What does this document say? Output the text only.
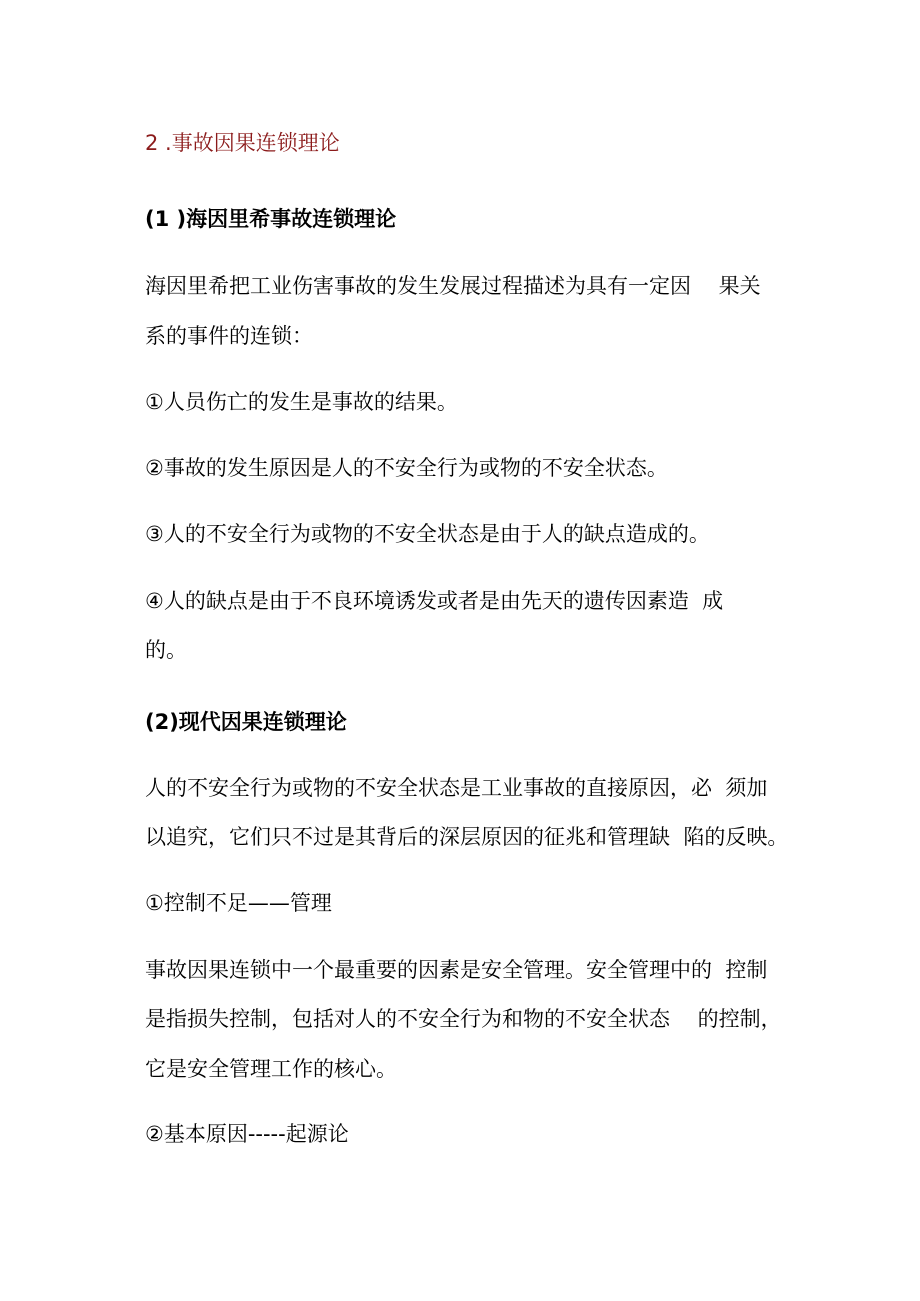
2 .事故因果连锁理论

(1 )海因里希事故连锁理论

海因里希把工业伤害事故的发生发展过程描述为具有一定因　 果关

系的事件的连锁：

①人员伤亡的发生是事故的结果。

②事故的发生原因是人的不安全行为或物的不安全状态。

③人的不安全行为或物的不安全状态是由于人的缺点造成的。

④人的缺点是由于不良环境诱发或者是由先天的遗传因素造  成

的。

(2)现代因果连锁理论

人的不安全行为或物的不安全状态是工业事故的直接原因，必  须加

以追究，它们只不过是其背后的深层原因的征兆和管理缺  陷的反映。

①控制不足——管理

事故因果连锁中一个最重要的因素是安全管理。安全管理中的  控制

是指损失控制，包括对人的不安全行为和物的不安全状态　 的控制，

它是安全管理工作的核心。

②基本原因-----起源论
